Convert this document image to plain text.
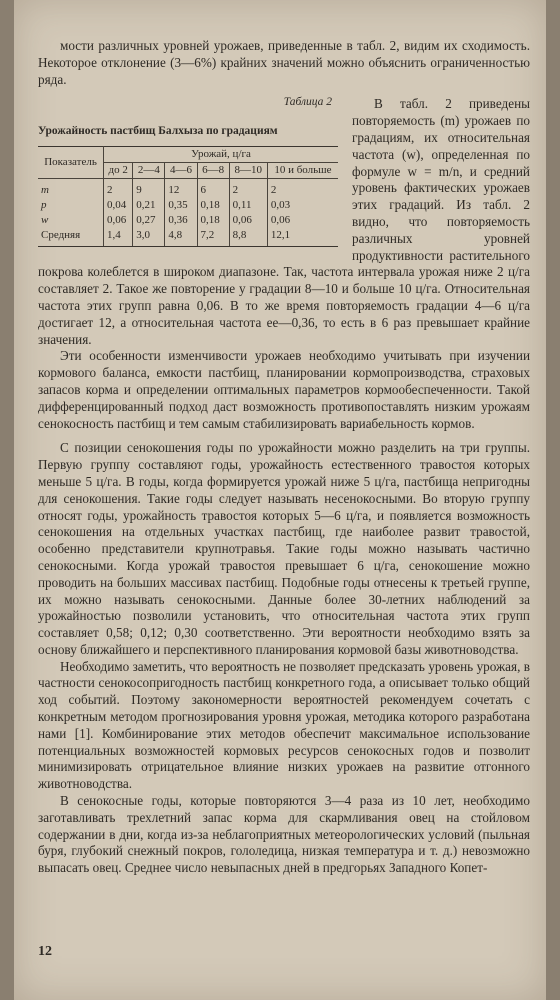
мости различных уровней урожаев, приведенные в табл. 2, видим их сходимость. Некоторое отклонение (3—6%) крайних значений можно объяснить ограниченностью ряда.

Таблица 2
Урожайность пастбищ Балхыза по градациям
Показатель	Урожай, ц/га					
	до 2	2—4	4—6	6—8	8—10	10 и больше
m	2	9	12	6	2	2
p	0,04	0,21	0,35	0,18	0,11	0,03
w	0,06	0,27	0,36	0,18	0,06	0,06
Средняя	1,4	3,0	4,8	7,2	8,8	12,1

В табл. 2 приведены повторяемость (m) урожаев по градациям, их относительная частота (w), определенная по формуле w = m/n, и средний уровень фактических урожаев этих градаций. Из табл. 2 видно, что повторяемость различных уровней продуктивности растительного покрова колеблется в широком диапазоне. Так, частота интервала урожая ниже 2 ц/га составляет 2. Такое же повторение у градации 8—10 и больше 10 ц/га. Относительная частота этих групп равна 0,06. В то же время повторяемость градации 4—6 ц/га достигает 12, а относительная частота ее—0,36, то есть в 6 раз превышает крайние значения.

Эти особенности изменчивости урожаев необходимо учитывать при изучении кормового баланса, емкости пастбищ, планировании кормопроизводства, страховых запасов корма и определении оптимальных параметров кормообеспеченности. Такой дифференцированный подход даст возможность противопоставлять низким урожаям сенокосность пастбищ и тем самым стабилизировать вариабельность кормов.

С позиции сенокошения годы по урожайности можно разделить на три группы. Первую группу составляют годы, урожайность естественного травостоя которых меньше 5 ц/га. В годы, когда формируется урожай ниже 5 ц/га, пастбища непригодны для сенокошения. Такие годы следует называть несенокосными. Во вторую группу относят годы, урожайность травостоя которых 5—6 ц/га, и появляется возможность сенокошения на отдельных участках пастбищ, где наиболее развит травостой, особенно представители крупнотравья. Такие годы можно называть частично сенокосными. Когда урожай травостоя превышает 6 ц/га, сенокошение можно проводить на больших массивах пастбищ. Подобные годы отнесены к третьей группе, их можно называть сенокосными. Данные более 30-летних наблюдений за урожайностью позволили установить, что относительная частота этих групп составляет 0,58; 0,12; 0,30 соответственно. Эти вероятности необходимо взять за основу ближайшего и перспективного планирования кормовой базы животноводства.

Необходимо заметить, что вероятность не позволяет предсказать уровень урожая, в частности сенокосопригодность пастбищ конкретного года, а описывает только общий ход событий. Поэтому закономерности вероятностей рекомендуем сочетать с конкретным методом прогнозирования уровня урожая, методика которого разработана нами [1]. Комбинирование этих методов обеспечит максимальное использование потенциальных возможностей кормовых ресурсов сенокосных годов и позволит минимизировать отрицательное влияние низких урожаев на развитие отгонного животноводства.

В сенокосные годы, которые повторяются 3—4 раза из 10 лет, необходимо заготавливать трехлетний запас корма для скармливания овец на стойловом содержании в дни, когда из-за неблагоприятных метеорологических условий (пыльная буря, глубокий снежный покров, гололедица, низкая температура и т. д.) невозможно выпасать овец. Среднее число невыпасных дней в предгорьях Западного Копет-

12
